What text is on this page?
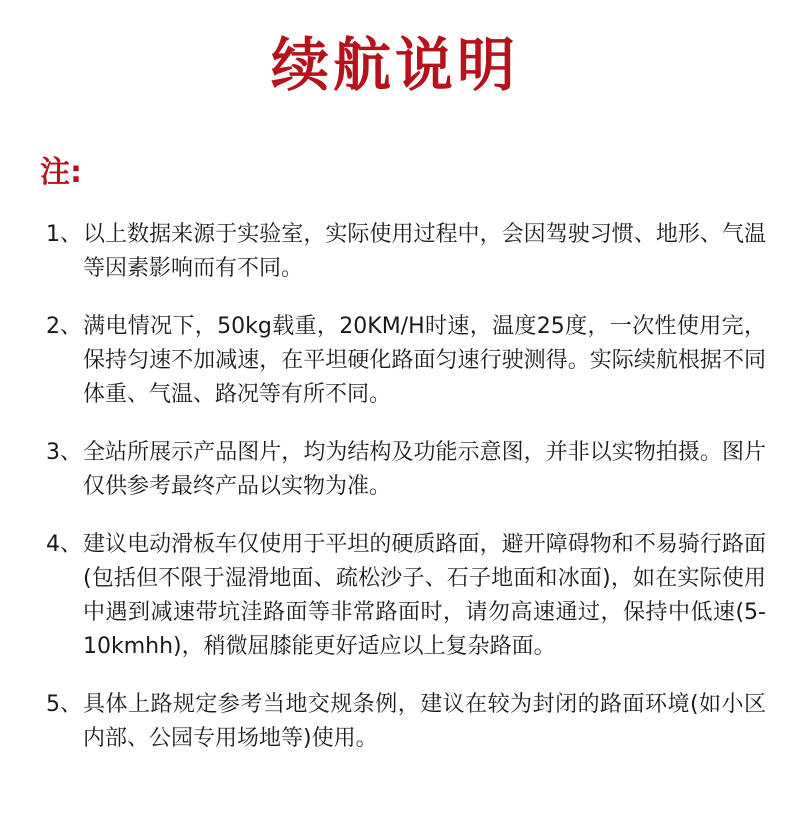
续航说明
注:
1、 以上数据来源于实验室，实际使用过程中，会因驾驶习惯、地形、气温等因素影响而有不同。
2、 满电情况下，50kg载重，20KM/H时速，温度25度，一次性使用完，保持匀速不加减速，在平坦硬化路面匀速行驶测得。实际续航根据不同体重、气温、路况等有所不同。
3、 全站所展示产品图片，均为结构及功能示意图，并非以实物拍摄。图片仅供参考最终产品以实物为准。
4、 建议电动滑板车仅使用于平坦的硬质路面，避开障碍物和不易骑行路面(包括但不限于湿滑地面、疏松沙子、石子地面和冰面)，如在实际使用中遇到减速带坑洼路面等非常路面时，请勿高速通过，保持中低速(5-10kmhh)，稍微屈膝能更好适应以上复杂路面。
5、 具体上路规定参考当地交规条例，建议在较为封闭的路面环境(如小区内部、公园专用场地等)使用。
